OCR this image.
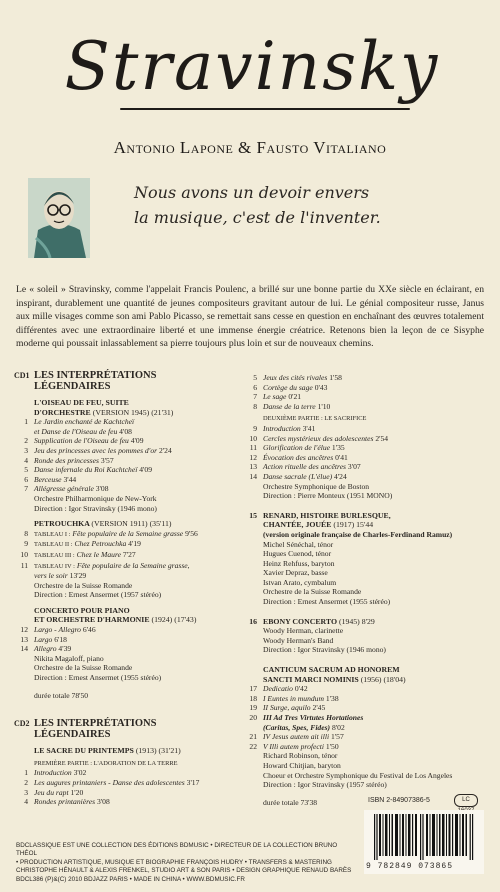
Stravinsky
Antonio Lapone & Fausto Vitaliano
Nous avons un devoir envers
la musique, c'est de l'inventer.
Le « soleil » Stravinsky, comme l'appelait Francis Poulenc, a brillé sur une bonne partie du XXe siècle en éclairant, en inspirant, durablement une quantité de jeunes compositeurs gravitant autour de lui. Le génial compositeur russe, Janus aux mille visages comme son ami Pablo Picasso, se remettait sans cesse en question en enchaînant des œuvres totalement différentes avec une extraordinaire liberté et une immense énergie créatrice. Retenons bien la leçon de ce Sisyphe moderne qui poussait inlassablement sa pierre toujours plus loin et sur de nouveaux chemins.
CD1 LES INTERPRÉTATIONS
LÉGENDAIRES
L'OISEAU DE FEU, SUITE
D'ORCHESTRE (VERSION 1945) (21'31)
1 Le Jardin enchanté de Kachtcheï
et Danse de l'Oiseau de feu 4'08
2 Supplication de l'Oiseau de feu 4'09
3 Jeu des princesses avec les pommes d'or 2'24
4 Ronde des princesses 3'57
5 Danse infernale du Roi Kachtcheï 4'09
6 Berceuse 3'44
7 Allégresse générale 3'08
Orchestre Philharmonique de New-York
Direction : Igor Stravinsky (1946 mono)
PETROUCHKA (VERSION 1911) (35'11)
8 TABLEAU I : Fête populaire de la Semaine grasse 9'56
9 TABLEAU II : Chez Petrouchka 4'19
10 TABLEAU III : Chez le Maure 7'27
11 TABLEAU IV : Fête populaire de la Semaine grasse,
vers le soir 13'29
Orchestre de la Suisse Romande
Direction : Ernest Ansermet (1957 stéréo)
CONCERTO POUR PIANO
ET ORCHESTRE D'HARMONIE (1924) (17'43)
12 Largo - Allegro 6'46
13 Largo 6'18
14 Allegro 4'39
Nikita Magaloff, piano
Orchestre de la Suisse Romande
Direction : Ernest Ansermet (1955 stéréo)
durée totale 78'50
CD2 LES INTERPRÉTATIONS
LÉGENDAIRES
LE SACRE DU PRINTEMPS (1913) (31'21)
PREMIÈRE PARTIE : L'ADORATION DE LA TERRE
1 Introduction 3'02
2 Les augures printaniers - Danse des adolescentes 3'17
3 Jeu du rapt 1'20
4 Rondes printanières 3'08
5 Jeux des cités rivales 1'58
6 Cortège du sage 0'43
7 Le sage 0'21
8 Danse de la terre 1'10
DEUXIÈME PARTIE : LE SACRIFICE
9 Introduction 3'41
10 Cercles mystérieux des adolescentes 2'54
11 Glorification de l'élue 1'35
12 Évocation des ancêtres 0'41
13 Action rituelle des ancêtres 3'07
14 Danse sacrale (L'élue) 4'24
Orchestre Symphonique de Boston
Direction : Pierre Monteux (1951 MONO)
15 RENARD, HISTOIRE BURLESQUE,
CHANTÉE, JOUÉE (1917) 15'44
(version originale française de Charles-Ferdinand Ramuz)
Michel Sénéchal, ténor
Hugues Cuenod, ténor
Heinz Rehfuss, baryton
Xavier Depraz, basse
Istvan Arato, cymbalum
Orchestre de la Suisse Romande
Direction : Ernest Ansermet (1955 stéréo)
16 EBONY CONCERTO (1945) 8'29
Woody Herman, clarinette
Woody Herman's Band
Direction : Igor Stravinsky (1946 mono)
CANTICUM SACRUM AD HONOREM
SANCTI MARCI NOMINIS (1956) (18'04)
17 Dedicatio 0'42
18 I Euntes in mundum 1'38
19 II Surge, aquilo 2'45
20 III Ad Tres Virtutes Hortationes
(Caritas, Spes, Fides) 8'02
21 IV Jesus autem ait illi 1'57
22 V Illi autem profecti 1'50
Richard Robinson, ténor
Howard Chitjian, baryton
Choeur et Orchestre Symphonique du Festival de Los Angeles
Direction : Igor Stravinsky (1957 stéréo)
durée totale 73'38	ISBN 2-84907386-5	LC
9 782849 073865
BDCLASSIQUE EST UNE COLLECTION DES ÉDITIONS BDMUSIC • DIRECTEUR DE LA COLLECTION BRUNO THÉOL
• PRODUCTION ARTISTIQUE, MUSIQUE ET BIOGRAPHIE FRANÇOIS HUDRY • TRANSFERS & MASTERING
CHRISTOPHE HÉNAULT & ALEXIS FRENKEL, STUDIO ART & SON PARIS • DESIGN GRAPHIQUE RENAUD BARÈS
BDCL386 (P)&(C) 2010 BDJAZZ PARIS • MADE IN CHINA • WWW.BDMUSIC.FR
